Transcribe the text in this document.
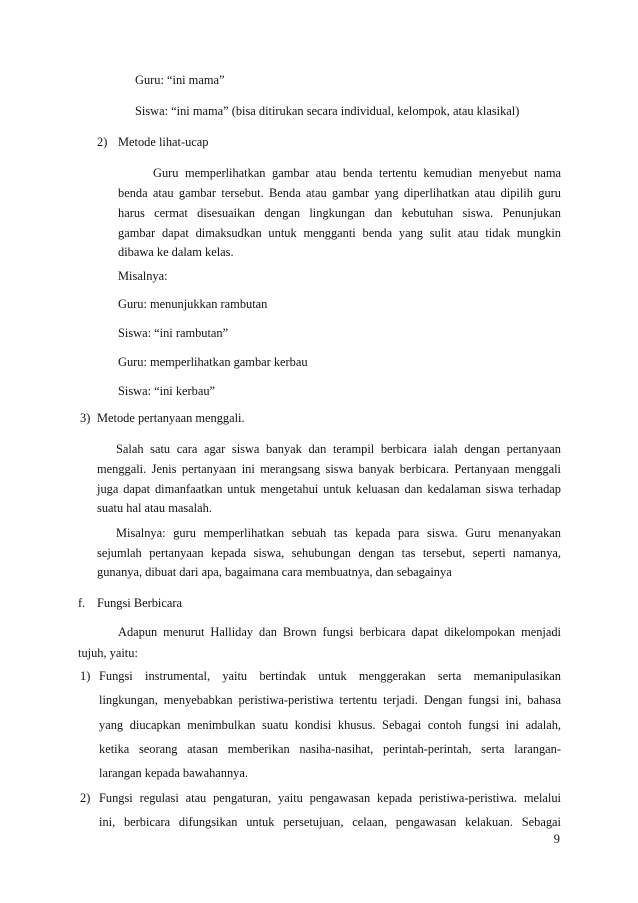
Guru: “ini mama”

Siswa: “ini mama” (bisa ditirukan secara individual, kelompok, atau klasikal)

2) Metode lihat-ucap

Guru memperlihatkan gambar atau benda tertentu kemudian menyebut nama

benda atau gambar tersebut. Benda atau gambar yang diperlihatkan atau dipilih guru

harus cermat disesuaikan dengan lingkungan dan kebutuhan siswa. Penunjukan

gambar dapat dimaksudkan untuk mengganti benda yang sulit atau tidak mungkin

dibawa ke dalam kelas.

Misalnya:

Guru: menunjukkan rambutan

Siswa: “ini rambutan”

Guru: memperlihatkan gambar kerbau

Siswa: “ini kerbau”

3) Metode pertanyaan menggali.

Salah satu cara agar siswa banyak dan terampil berbicara ialah dengan pertanyaan

menggali. Jenis pertanyaan ini merangsang siswa banyak berbicara. Pertanyaan menggali

juga dapat dimanfaatkan untuk mengetahui untuk keluasan dan kedalaman siswa terhadap

suatu hal atau masalah.

Misalnya: guru memperlihatkan sebuah tas kepada para siswa. Guru menanyakan

sejumlah pertanyaan kepada siswa, sehubungan dengan tas tersebut, seperti namanya,

gunanya, dibuat dari apa, bagaimana cara membuatnya, dan sebagainya

f. Fungsi Berbicara

Adapun menurut Halliday dan Brown fungsi berbicara dapat dikelompokan menjadi

tujuh, yaitu:

1) Fungsi instrumental, yaitu bertindak untuk menggerakan serta memanipulasikan

lingkungan, menyebabkan peristiwa-peristiwa tertentu terjadi. Dengan fungsi ini, bahasa

yang diucapkan menimbulkan suatu kondisi khusus. Sebagai contoh fungsi ini adalah,

ketika seorang atasan memberikan nasiha-nasihat, perintah-perintah, serta larangan-

larangan kepada bawahannya.

2) Fungsi regulasi atau pengaturan, yaitu pengawasan kepada peristiwa-peristiwa. melalui

ini, berbicara difungsikan untuk persetujuan, celaan, pengawasan kelakuan. Sebagai

9
